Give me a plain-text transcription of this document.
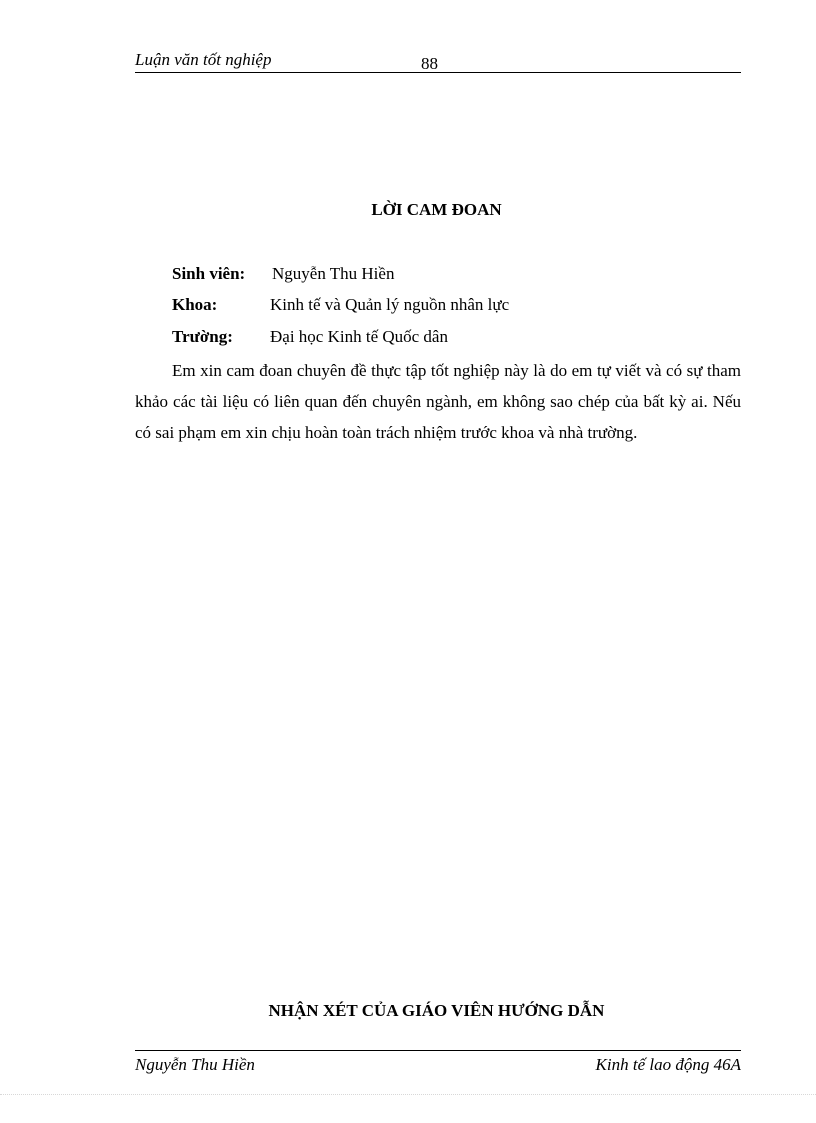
Luận văn tốt nghiệp	88
LỜI CAM ĐOAN
Sinh viên: Nguyễn Thu Hiền
Khoa:	Kinh tế và Quản lý nguồn nhân lực
Trường: Đại học Kinh tế Quốc dân

Em xin cam đoan chuyên đề thực tập tốt nghiệp này là do em tự viết và có sự tham khảo các tài liệu có liên quan đến chuyên ngành, em không sao chép của bất kỳ ai. Nếu có sai phạm em xin chịu hoàn toàn trách nhiệm trước khoa và nhà trường.

NHẬN XÉT CỦA GIÁO VIÊN HƯỚNG DẪN
Nguyễn Thu Hiền	Kinh tế lao động 46A
